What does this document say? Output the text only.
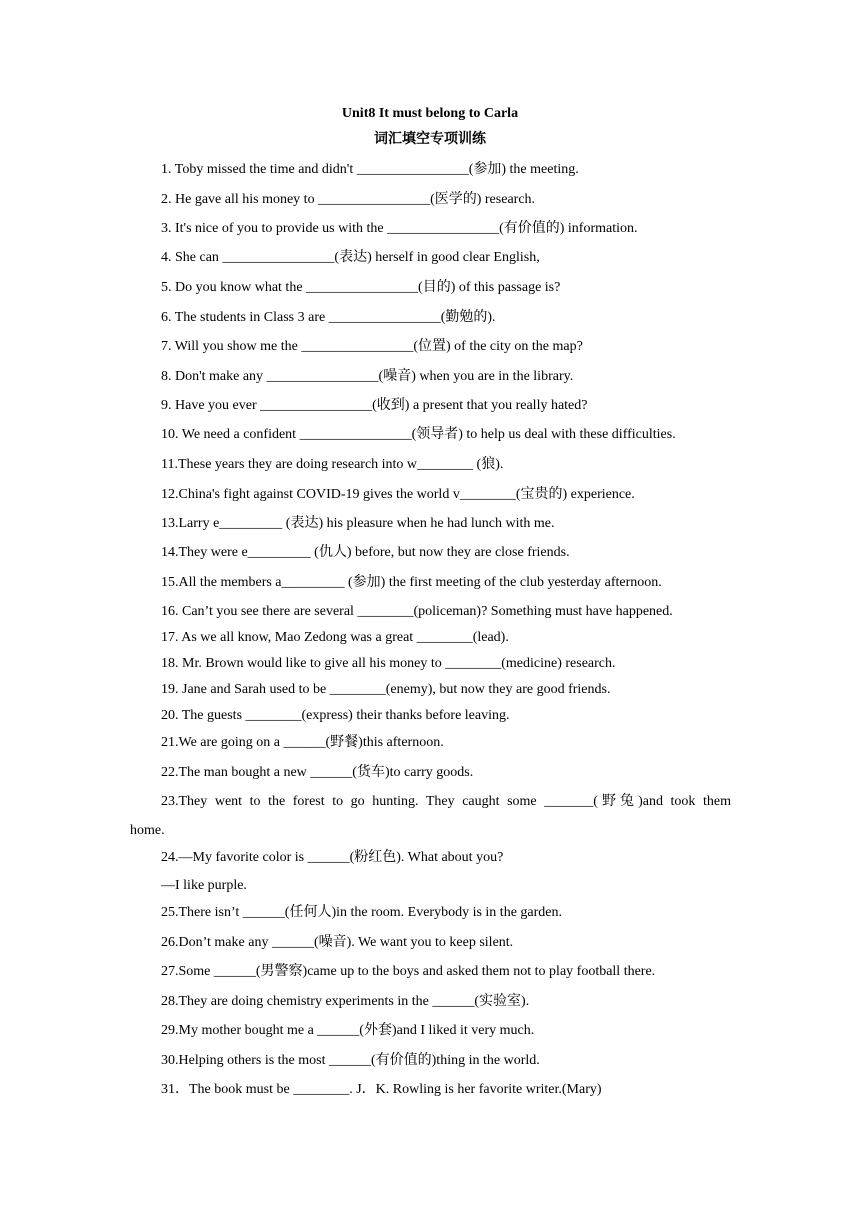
Unit8 It must belong to Carla
词汇填空专项训练
1. Toby missed the time and didn't ________________(参加) the meeting.
2. He gave all his money to ________________(医学的) research.
3. It's nice of you to provide us with the ________________(有价值的) information.
4. She can ________________(表达) herself in good clear English,
5. Do you know what the ________________(目的) of this passage is?
6. The students in Class 3 are ________________(勤勉的).
7. Will you show me the ________________(位置) of the city on the map?
8. Don't make any ________________(噪音) when you are in the library.
9. Have you ever ________________(收到) a present that you really hated?
10. We need a confident ________________(领导者) to help us deal with these difficulties.
11.These years they are doing research into w________ (狼).
12.China's fight against COVID-19 gives the world v________(宝贵的) experience.
13.Larry e_________ (表达) his pleasure when he had lunch with me.
14.They were e_________ (仇人) before, but now they are close friends.
15.All the members a_________ (参加) the first meeting of the club yesterday afternoon.
16. Can’t you see there are several ________(policeman)? Something must have happened.
17. As we all know, Mao Zedong was a great ________(lead).
18. Mr. Brown would like to give all his money to ________(medicine) research.
19. Jane and Sarah used to be ________(enemy), but now they are good friends.
20. The guests ________(express) their thanks before leaving.
21.We are going on a ______(野餐)this afternoon.
22.The man bought a new ______(货车)to carry goods.
23.They went to the forest to go hunting. They caught some _______(野兔)and took them
home.
24.—My favorite color is ______(粉红色). What about you?
—I like purple.
25.There isn’t ______(任何人)in the room. Everybody is in the garden.
26.Don’t make any ______(噪音). We want you to keep silent.
27.Some ______(男警察)came up to the boys and asked them not to play football there.
28.They are doing chemistry experiments in the ______(实验室).
29.My mother bought me a ______(外套)and I liked it very much.
30.Helping others is the most ______(有价值的)thing in the world.
31．The book must be ________. J．K. Rowling is her favorite writer.(Mary)
